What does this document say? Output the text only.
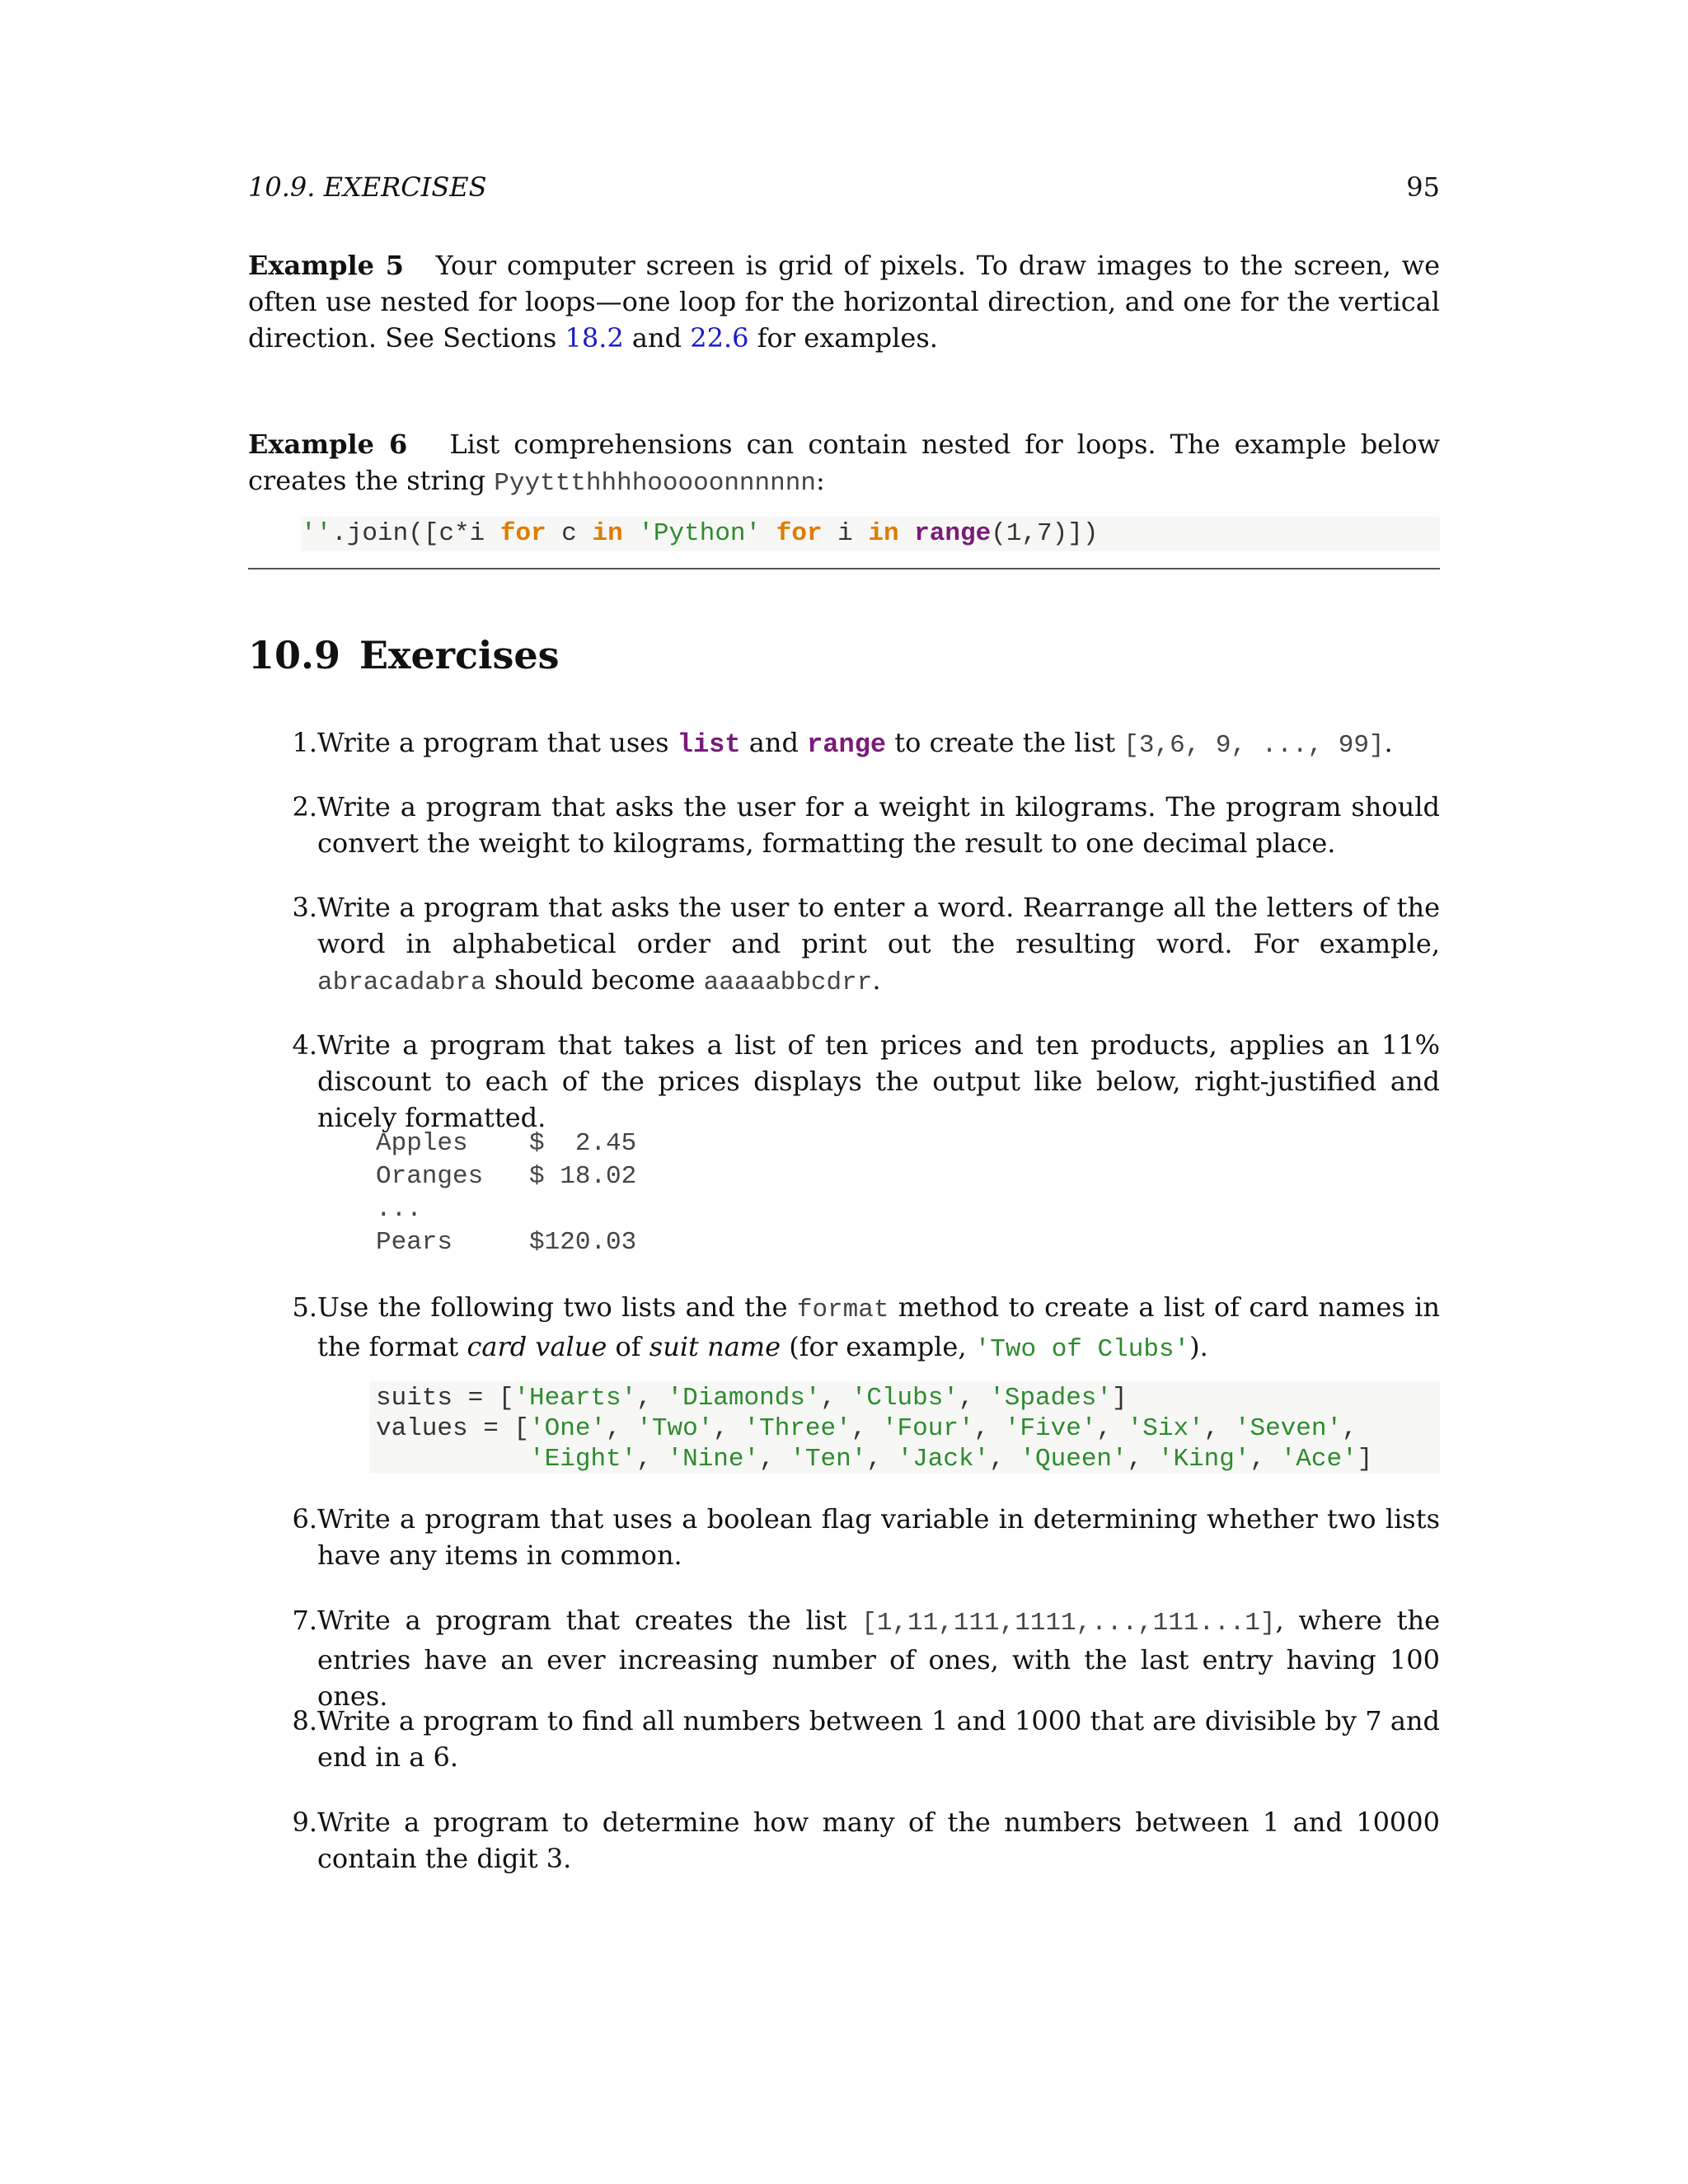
10.9. EXERCISES	95
Example 5 Your computer screen is grid of pixels. To draw images to the screen, we often use nested for loops—one loop for the horizontal direction, and one for the vertical direction. See Sections 18.2 and 22.6 for examples.
Example 6 List comprehensions can contain nested for loops. The example below creates the string Pyyttthhhhooooonnnnnn:
''.join([c*i for c in 'Python' for i in range(1,7)])
10.9 Exercises
1. Write a program that uses list and range to create the list [3,6, 9, ..., 99].
2. Write a program that asks the user for a weight in kilograms. The program should convert the weight to kilograms, formatting the result to one decimal place.
3. Write a program that asks the user to enter a word. Rearrange all the letters of the word in alphabetical order and print out the resulting word. For example, abracadabra should become aaaaabbcdrr.
4. Write a program that takes a list of ten prices and ten products, applies an 11% discount to each of the prices displays the output like below, right-justified and nicely formatted.
Apples    $  2.45
Oranges   $ 18.02
...
Pears     $120.03
5. Use the following two lists and the format method to create a list of card names in the format card value of suit name (for example, 'Two of Clubs').
suits = ['Hearts', 'Diamonds', 'Clubs', 'Spades']
values = ['One', 'Two', 'Three', 'Four', 'Five', 'Six', 'Seven',
'Eight', 'Nine', 'Ten', 'Jack', 'Queen', 'King', 'Ace']
6. Write a program that uses a boolean flag variable in determining whether two lists have any items in common.
7. Write a program that creates the list [1,11,111,1111,...,111...1], where the entries have an ever increasing number of ones, with the last entry having 100 ones.
8. Write a program to find all numbers between 1 and 1000 that are divisible by 7 and end in a 6.
9. Write a program to determine how many of the numbers between 1 and 10000 contain the digit 3.
